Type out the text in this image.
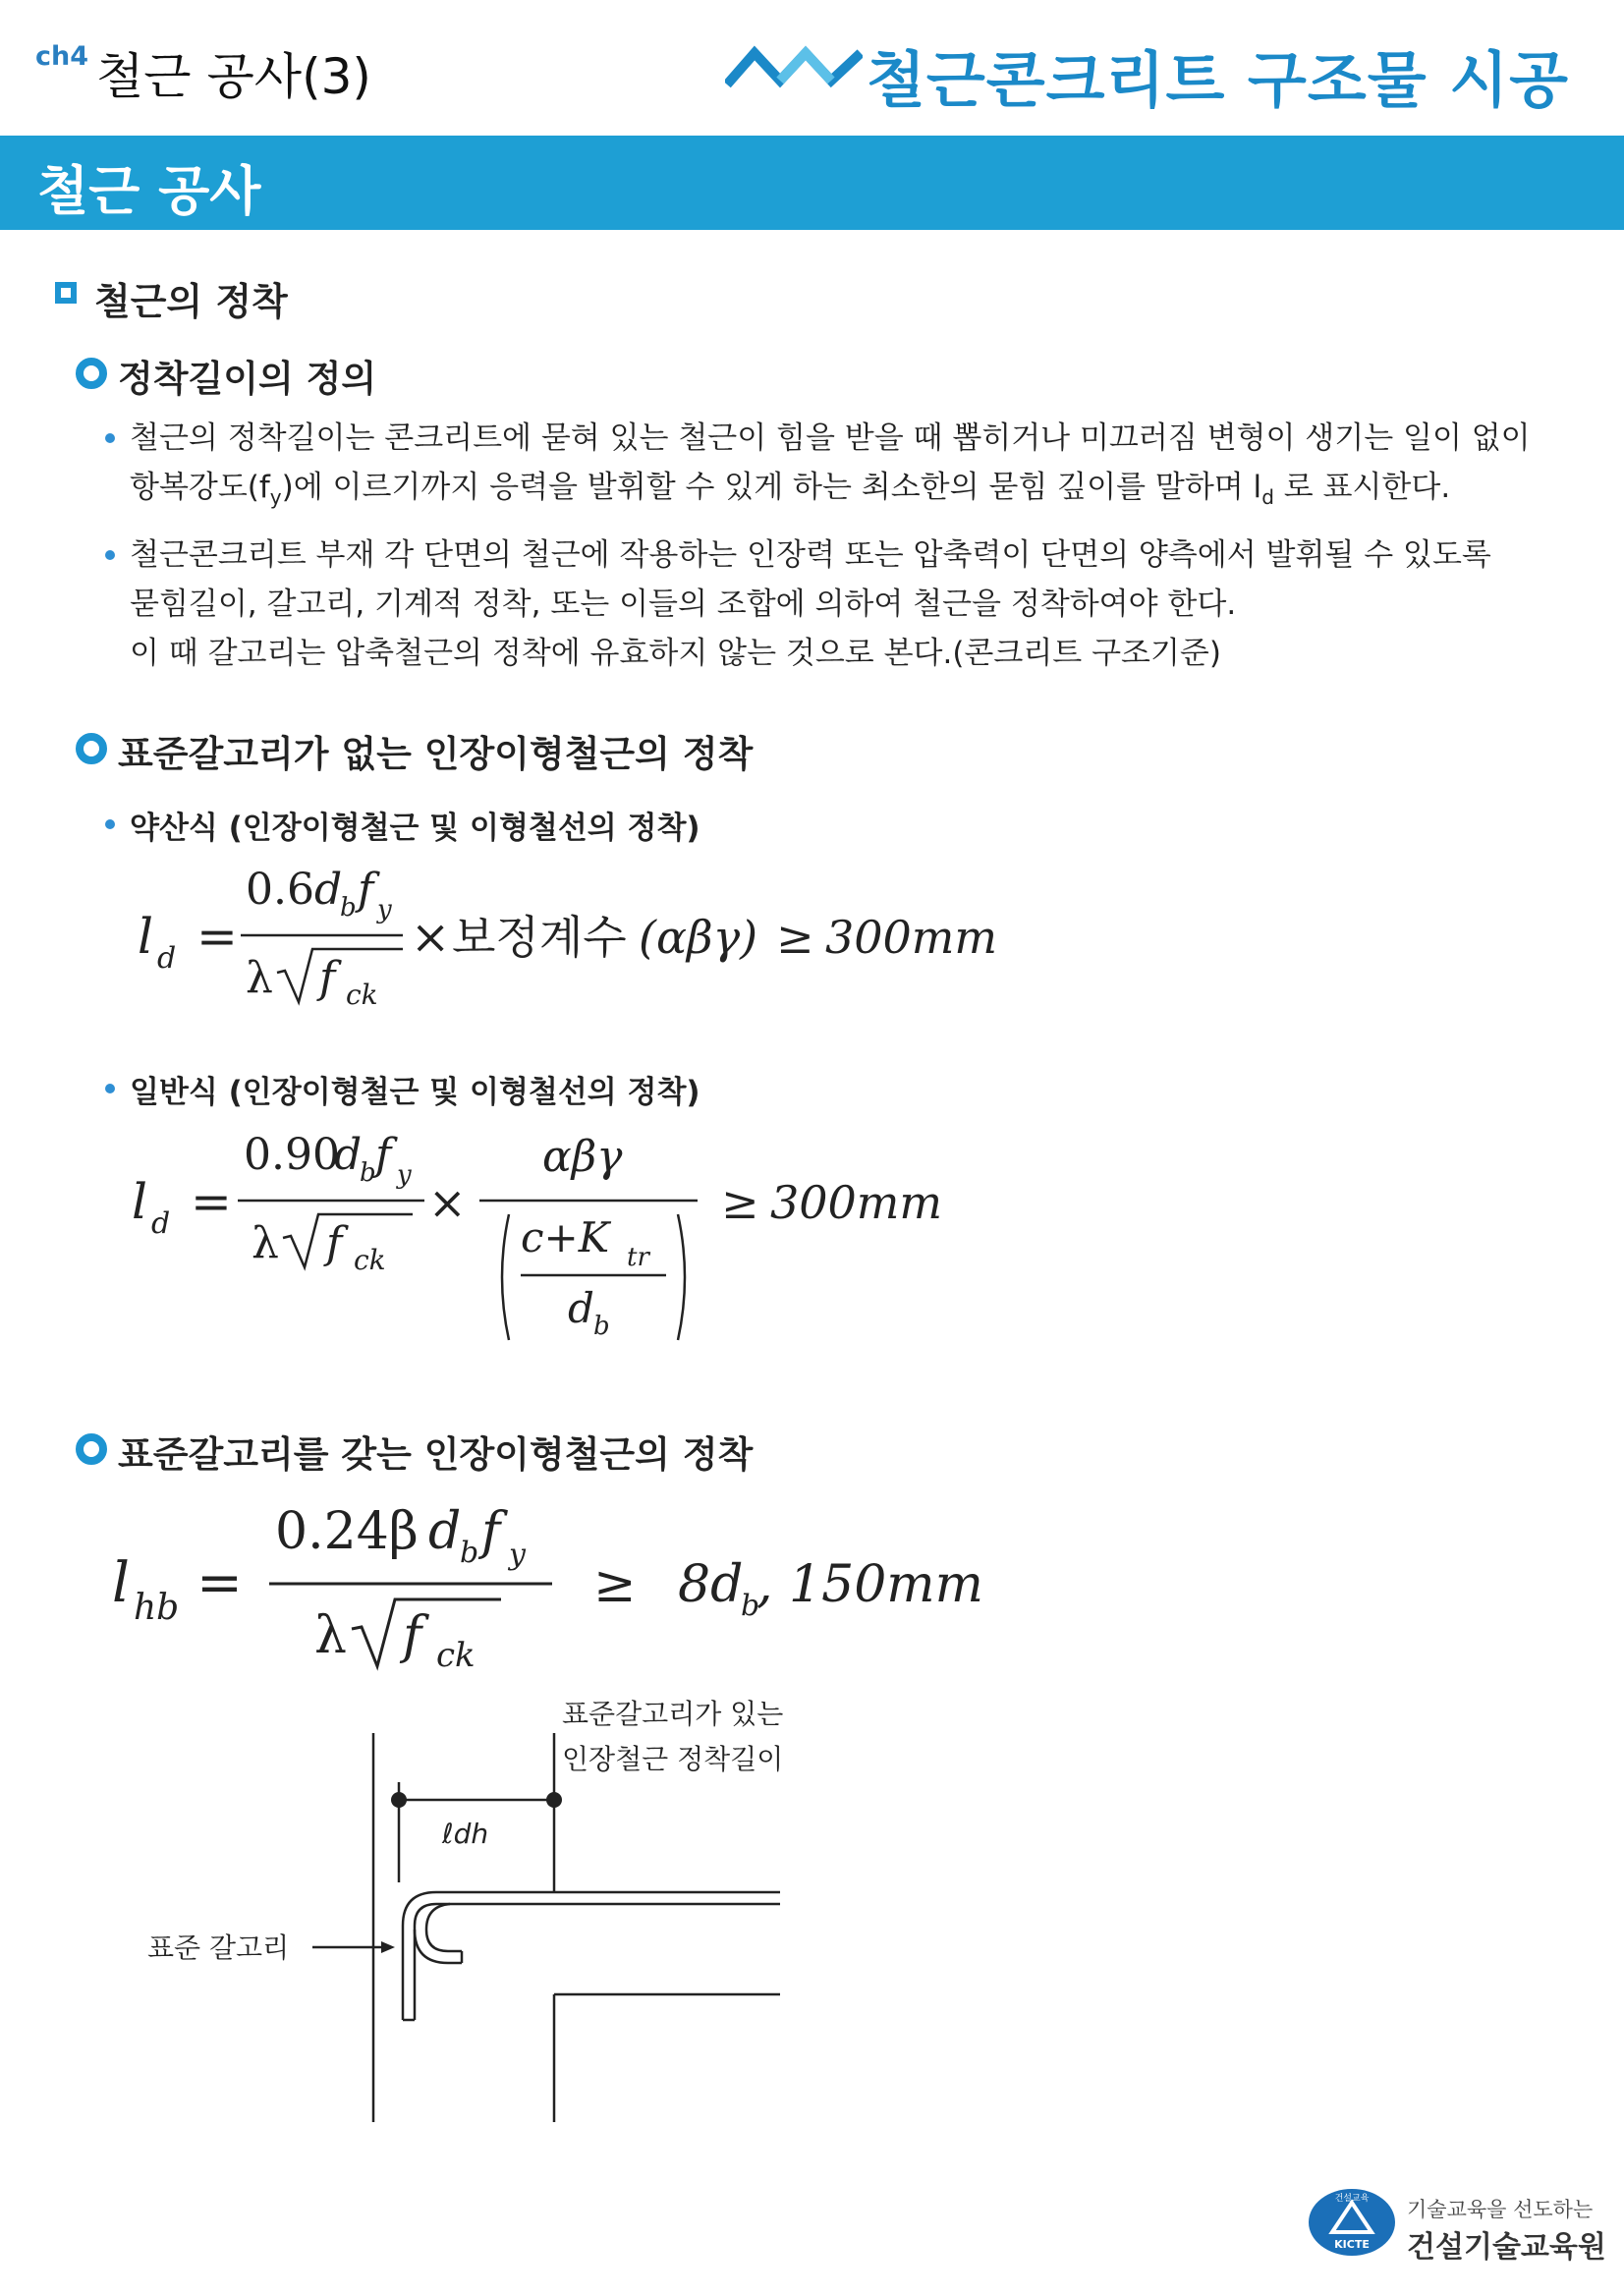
ch4 철근 공사(3)	철근콘크리트 구조물 시공
철근 공사
철근의 정착
정착길이의 정의
철근의 정착길이는 콘크리트에 묻혀 있는 철근이 힘을 받을 때 뽑히거나 미끄러짐 변형이 생기는 일이 없이
항복강도$(f_y)$에 이르기까지 응력을 발휘할 수 있게 하는 최소한의 묻힘 깊이를 말하며 $l_d$ 로 표시한다.
철근콘크리트 부재 각 단면의 철근에 작용하는 인장력 또는 압축력이 단면의 양측에서 발휘될 수 있도록
묻힘길이, 갈고리, 기계적 정착, 또는 이들의 조합에 의하여 철근을 정착하여야 한다.
이 때 갈고리는 압축철근의 정착에 유효하지 않는 것으로 본다.(콘크리트 구조기준)
표준갈고리가 없는 인장이형철근의 정착
약산식 (인장이형철근 및 이형철선의 정착)
l d =
0.6 d
b f y
λ f ck
× 보정계수 (αβγ) ≥ 300mm
일반식 (인장이형철근 및 이형철선의 정착)
l d =
0.90
d
b f y
λ f ck
×
αβγ
c+K tr
d b
≥ 300mm
표준갈고리를 갖는 인장이형철근의 정착
l hb =
0.24β d
b f y
λ f ck
≥ 8d
b
, 150mm
표준갈고리가 있는
인장철근 정착길이
ℓdh
표준 갈고리
건설교육
KICTE
기술교육을 선도하는
건설기술교육원
